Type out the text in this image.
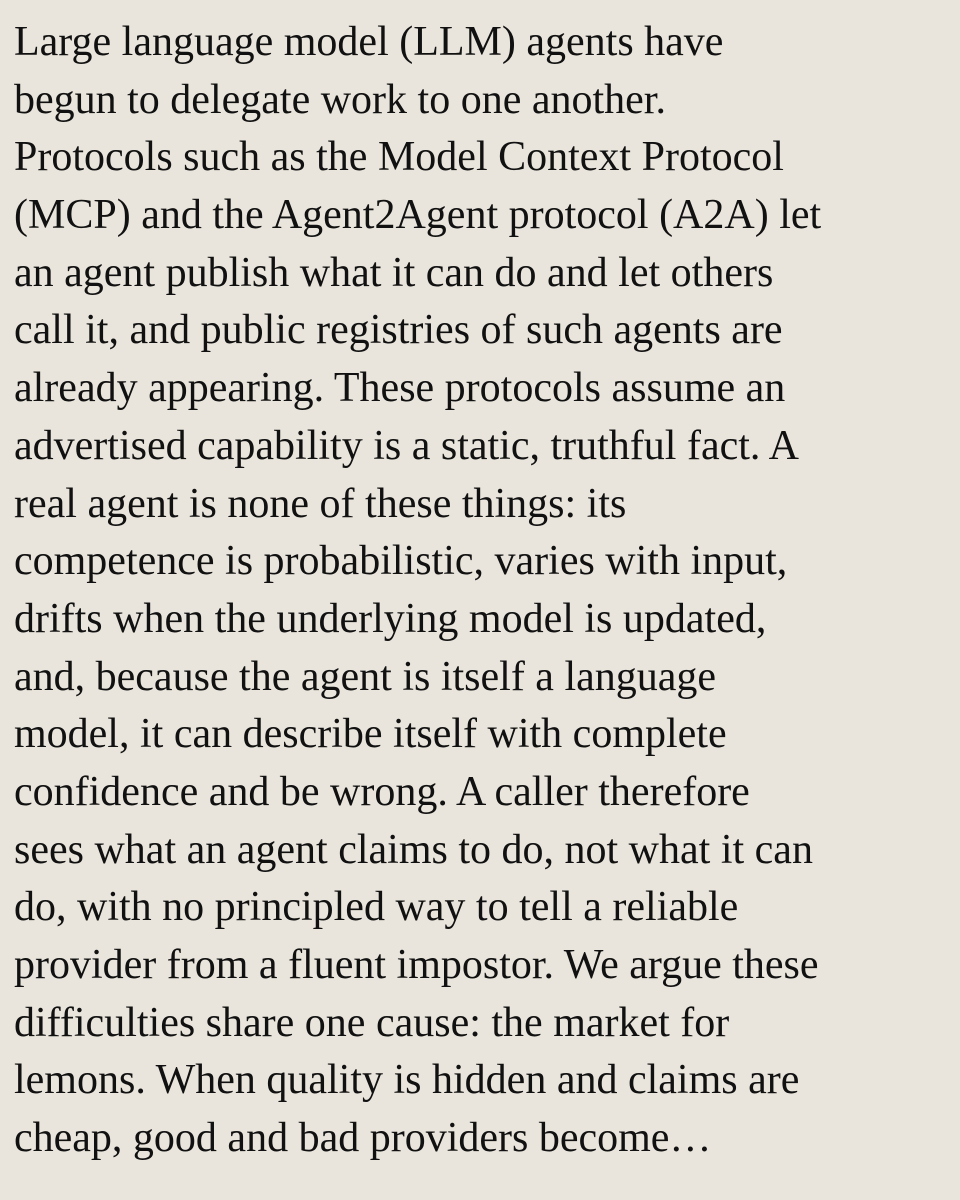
Large language model (LLM) agents have
begun to delegate work to one another.
Protocols such as the Model Context Protocol
(MCP) and the Agent2Agent protocol (A2A) let
an agent publish what it can do and let others
call it, and public registries of such agents are
already appearing. These protocols assume an
advertised capability is a static, truthful fact. A
real agent is none of these things: its
competence is probabilistic, varies with input,
drifts when the underlying model is updated,
and, because the agent is itself a language
model, it can describe itself with complete
confidence and be wrong. A caller therefore
sees what an agent claims to do, not what it can
do, with no principled way to tell a reliable
provider from a fluent impostor. We argue these
difficulties share one cause: the market for
lemons. When quality is hidden and claims are
cheap, good and bad providers become…
